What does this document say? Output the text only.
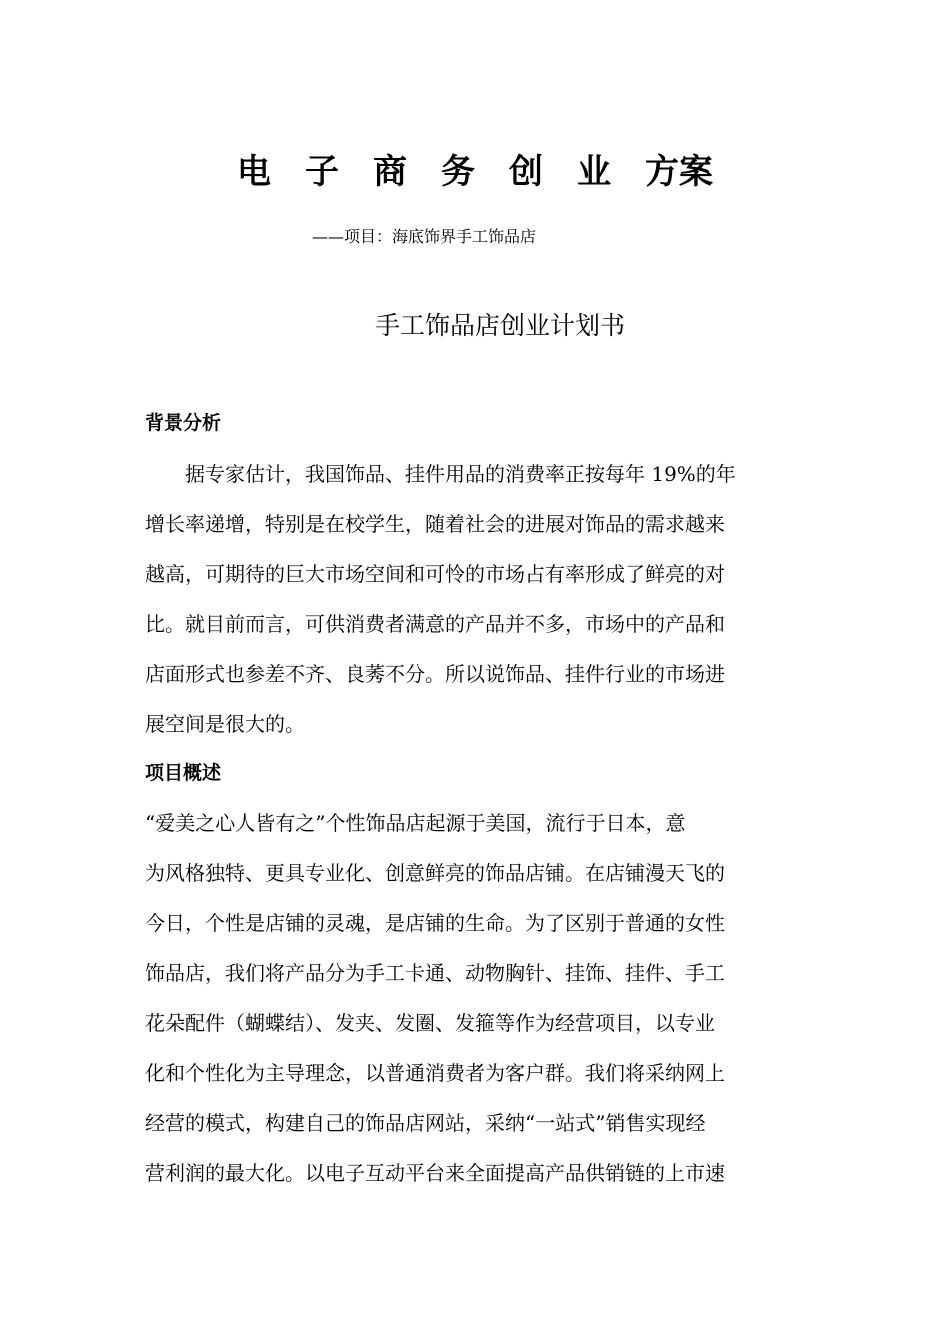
电　子　商　务　创　业　方案
——项目：海底饰界手工饰品店
手工饰品店创业计划书
背景分析
　　据专家估计，我国饰品、挂件用品的消费率正按每年 19%的年
增长率递增，特别是在校学生，随着社会的进展对饰品的需求越来
越高，可期待的巨大市场空间和可怜的市场占有率形成了鲜亮的对
比。就目前而言，可供消费者满意的产品并不多，市场中的产品和
店面形式也参差不齐、良莠不分。所以说饰品、挂件行业的市场进
展空间是很大的。
项目概述
“爱美之心人皆有之”个性饰品店起源于美国，流行于日本，意
为风格独特、更具专业化、创意鲜亮的饰品店铺。在店铺漫天飞的
今日，个性是店铺的灵魂，是店铺的生命。为了区别于普通的女性
饰品店，我们将产品分为手工卡通、动物胸针、挂饰、挂件、手工
花朵配件（蝴蝶结）、发夹、发圈、发箍等作为经营项目，以专业
化和个性化为主导理念，以普通消费者为客户群。我们将采纳网上
经营的模式，构建自己的饰品店网站，采纳“一站式”销售实现经
营利润的最大化。以电子互动平台来全面提高产品供销链的上市速
